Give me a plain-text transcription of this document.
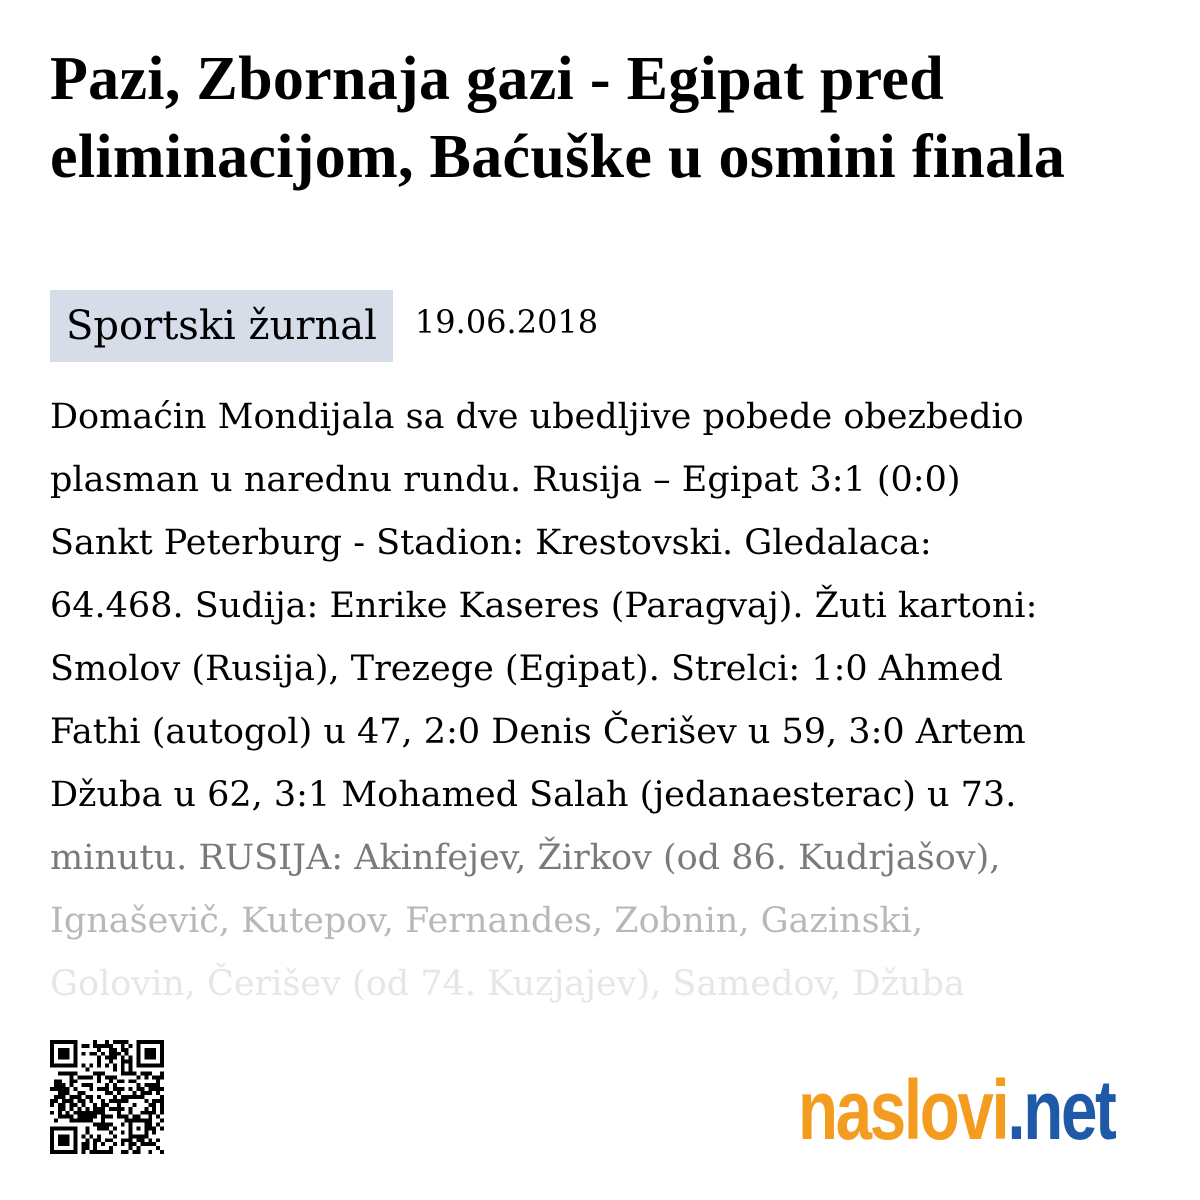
Pazi, Zbornaja gazi - Egipat pred eliminacijom, Baćuške u osmini finala
Sportski žurnal	19.06.2018
Domaćin Mondijala sa dve ubedljive pobede obezbedio
plasman u narednu rundu. Rusija – Egipat 3:1 (0:0)
Sankt Peterburg - Stadion: Krestovski. Gledalaca:
64.468. Sudija: Enrike Kaseres (Paragvaj). Žuti kartoni:
Smolov (Rusija), Trezege (Egipat). Strelci: 1:0 Ahmed
Fathi (autogol) u 47, 2:0 Denis Čerišev u 59, 3:0 Artem
Džuba u 62, 3:1 Mohamed Salah (jedanaesterac) u 73.
minutu. RUSIJA: Akinfejev, Žirkov (od 86. Kudrjašov),
Ignaševič, Kutepov, Fernandes, Zobnin, Gazinski,
Golovin, Čerišev (od 74. Kuzjajev), Samedov, Džuba
naslovi.net
